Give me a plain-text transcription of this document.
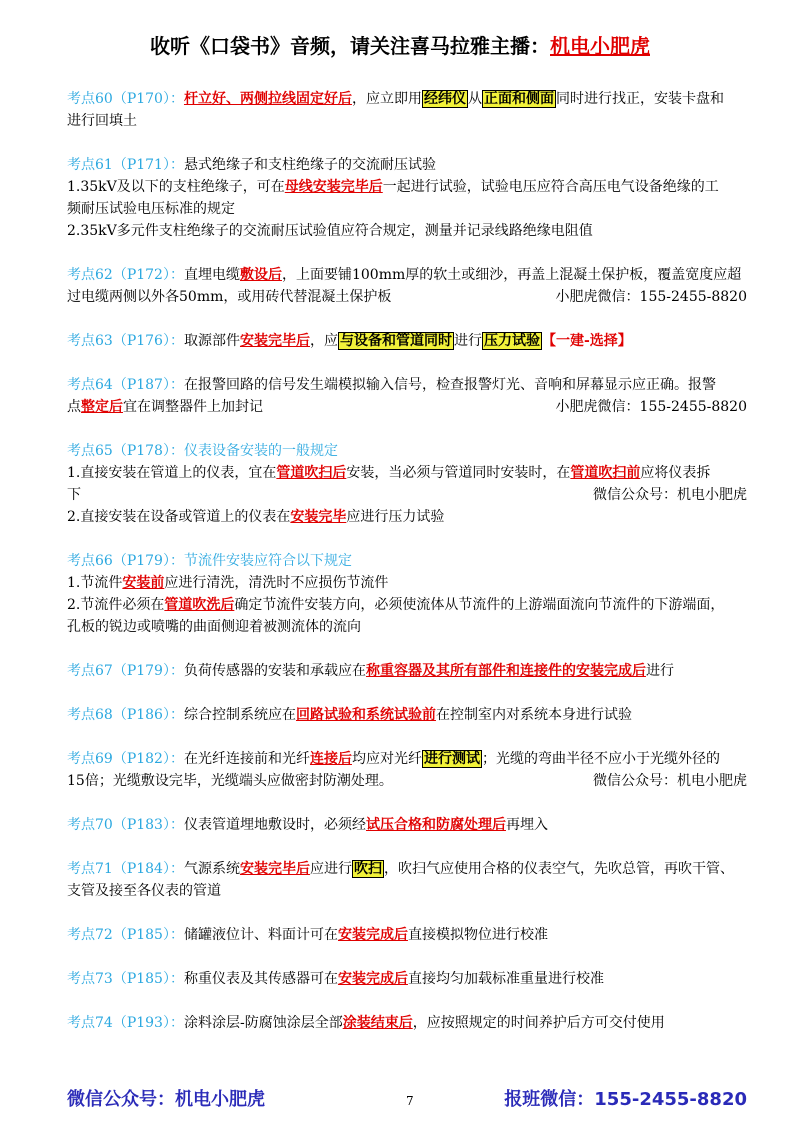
收听《口袋书》音频，请关注喜马拉雅主播：机电小肥虎
考点60（P170）：杆立好、两侧拉线固定好后，应立即用 经纬仪 从 正面和侧面 同时进行找正，安装卡盘和
进行回填土
考点61（P171）：悬式绝缘子和支柱绝缘子的交流耐压试验
1.35kV及以下的支柱绝缘子，可在母线安装完毕后一起进行试验，试验电压应符合高压电气设备绝缘的工
频耐压试验电压标准的规定
2.35kV多元件支柱绝缘子的交流耐压试验值应符合规定，测量并记录线路绝缘电阻值
考点62（P172）：直埋电缆敷设后，上面要铺100mm厚的软土或细沙，再盖上混凝土保护板，覆盖宽度应超
过电缆两侧以外各50mm，或用砖代替混凝土保护板	小肥虎微信：155-2455-8820
考点63（P176）：取源部件安装完毕后，应 与设备和管道同时 进行 压力试验 【一建-选择】
考点64（P187）：在报警回路的信号发生端模拟输入信号，检查报警灯光、音响和屏幕显示应正确。报警
点整定后宜在调整器件上加封记	小肥虎微信：155-2455-8820
考点65（P178）：仪表设备安装的一般规定
1.直接安装在管道上的仪表，宜在管道吹扫后安装，当必须与管道同时安装时，在管道吹扫前应将仪表拆
下	微信公众号：机电小肥虎
2.直接安装在设备或管道上的仪表在安装完毕应进行压力试验
考点66（P179）：节流件安装应符合以下规定
1.节流件安装前应进行清洗，清洗时不应损伤节流件
2.节流件必须在管道吹洗后确定节流件安装方向，必须使流体从节流件的上游端面流向节流件的下游端面，
孔板的锐边或喷嘴的曲面侧迎着被测流体的流向
考点67（P179）：负荷传感器的安装和承载应在称重容器及其所有部件和连接件的安装完成后进行
考点68（P186）：综合控制系统应在回路试验和系统试验前在控制室内对系统本身进行试验
考点69（P182）：在光纤连接前和光纤连接后均应对光纤 进行测试 ；光缆的弯曲半径不应小于光缆外径的
15倍；光缆敷设完毕，光缆端头应做密封防潮处理。	微信公众号：机电小肥虎
考点70（P183）：仪表管道埋地敷设时，必须经试压合格和防腐处理后再埋入
考点71（P184）：气源系统安装完毕后应进行 吹扫 ，吹扫气应使用合格的仪表空气，先吹总管，再吹干管、
支管及接至各仪表的管道
考点72（P185）：储罐液位计、料面计可在安装完成后直接模拟物位进行校准
考点73（P185）：称重仪表及其传感器可在安装完成后直接均匀加载标准重量进行校准
考点74（P193）：涂料涂层-防腐蚀涂层全部涂装结束后，应按照规定的时间养护后方可交付使用
微信公众号：机电小肥虎	7	报班微信：155-2455-8820
